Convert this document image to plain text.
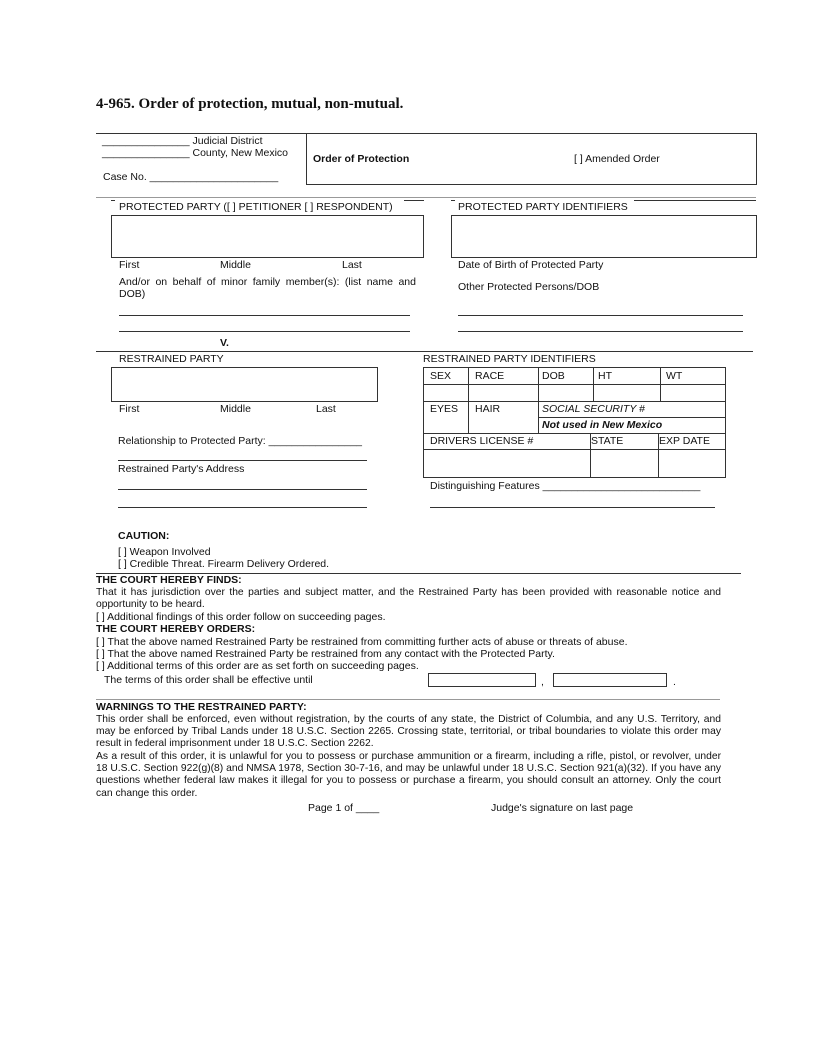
4-965. Order of protection, mutual, non-mutual.
_______________ Judicial District
_______________ County, New Mexico
Case No. ______________________
Order of Protection	[ ] Amended Order
PROTECTED PARTY ([ ] PETITIONER [ ] RESPONDENT)
First	Middle	Last
And/or on behalf of minor family member(s): (list name and DOB)
PROTECTED PARTY IDENTIFIERS
Date of Birth of Protected Party
Other Protected Persons/DOB
V.
RESTRAINED PARTY
First	Middle	Last
Relationship to Protected Party: ________________
Restrained Party's Address
RESTRAINED PARTY IDENTIFIERS
SEX RACE	DOB	HT	WT
EYES HAIR	SOCIAL SECURITY #
Not used in New Mexico
DRIVERS LICENSE #	STATE	EXP DATE
Distinguishing Features ___________________________
CAUTION:
[ ] Weapon Involved
[ ] Credible Threat. Firearm Delivery Ordered.
THE COURT HEREBY FINDS:
That it has jurisdiction over the parties and subject matter, and the Restrained Party has been provided with reasonable notice and opportunity to be heard.
[ ] Additional findings of this order follow on succeeding pages.
THE COURT HEREBY ORDERS:
[ ] That the above named Restrained Party be restrained from committing further acts of abuse or threats of abuse.
[ ] That the above named Restrained Party be restrained from any contact with the Protected Party.
[ ] Additional terms of this order are as set forth on succeeding pages.
The terms of this order shall be effective until	,	.
WARNINGS TO THE RESTRAINED PARTY:
This order shall be enforced, even without registration, by the courts of any state, the District of Columbia, and any U.S. Territory, and may be enforced by Tribal Lands under 18 U.S.C. Section 2265. Crossing state, territorial, or tribal boundaries to violate this order may result in federal imprisonment under 18 U.S.C. Section 2262.
As a result of this order, it is unlawful for you to possess or purchase ammunition or a firearm, including a rifle, pistol, or revolver, under 18 U.S.C. Section 922(g)(8) and NMSA 1978, Section 30-7-16, and may be unlawful under 18 U.S.C. Section 921(a)(32). If you have any questions whether federal law makes it illegal for you to possess or purchase a firearm, you should consult an attorney. Only the court can change this order.
Page 1 of ____	Judge's signature on last page
